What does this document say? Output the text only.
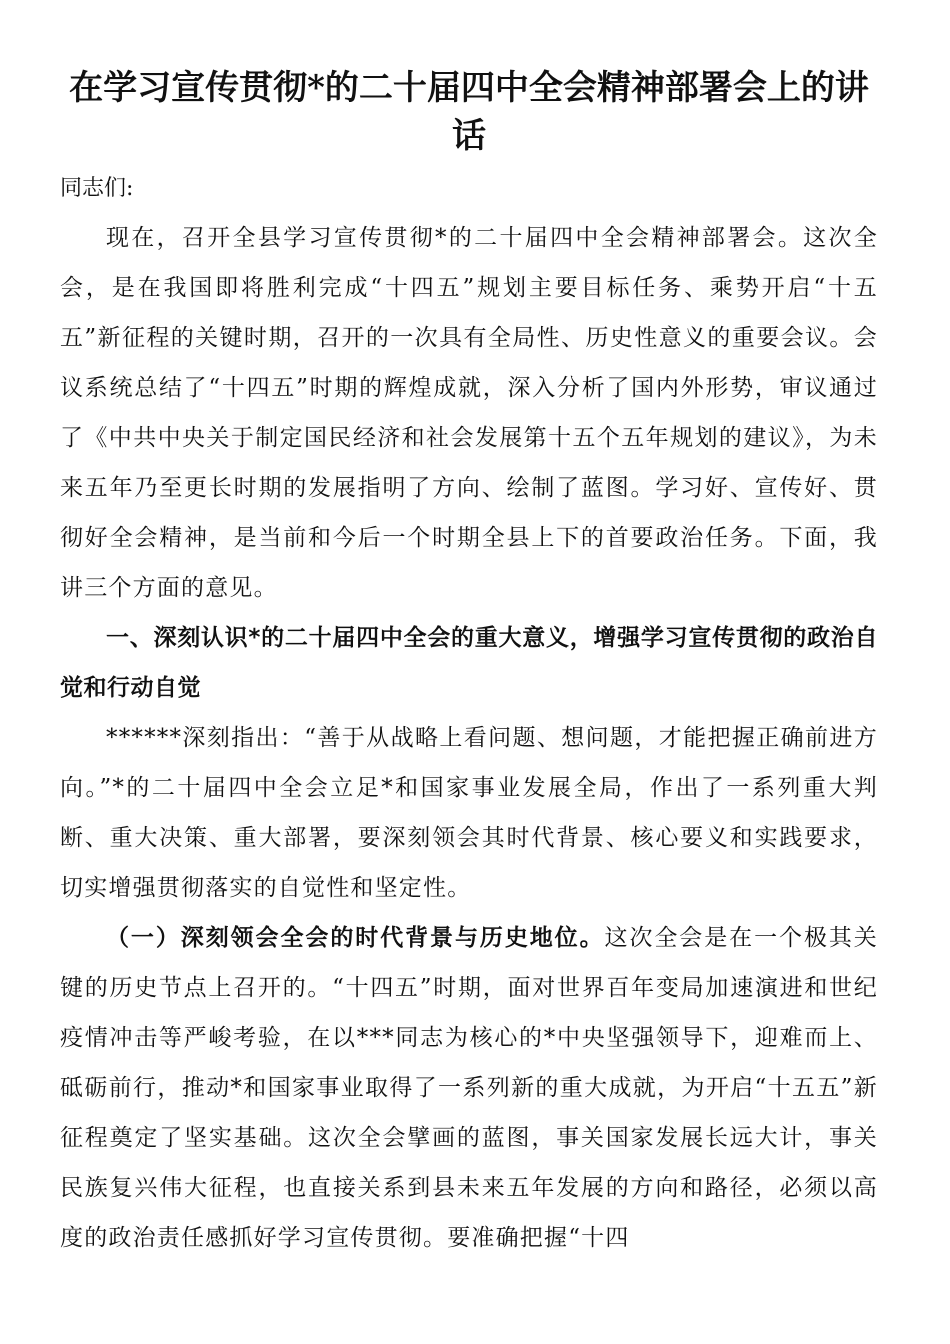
在学习宣传贯彻*的二十届四中全会精神部署会上的讲话

同志们:

现在，召开全县学习宣传贯彻*的二十届四中全会精神部署会。这次全会，是在我国即将胜利完成“十四五”规划主要目标任务、乘势开启“十五五”新征程的关键时期，召开的一次具有全局性、历史性意义的重要会议。会议系统总结了“十四五”时期的辉煌成就，深入分析了国内外形势，审议通过了《中共中央关于制定国民经济和社会发展第十五个五年规划的建议》，为未来五年乃至更长时期的发展指明了方向、绘制了蓝图。学习好、宣传好、贯彻好全会精神，是当前和今后一个时期全县上下的首要政治任务。下面，我讲三个方面的意见。

一、深刻认识*的二十届四中全会的重大意义，增强学习宣传贯彻的政治自觉和行动自觉

******深刻指出：“善于从战略上看问题、想问题，才能把握正确前进方向。”*的二十届四中全会立足*和国家事业发展全局，作出了一系列重大判断、重大决策、重大部署，要深刻领会其时代背景、核心要义和实践要求，切实增强贯彻落实的自觉性和坚定性。

（一）深刻领会全会的时代背景与历史地位。这次全会是在一个极其关键的历史节点上召开的。“十四五”时期，面对世界百年变局加速演进和世纪疫情冲击等严峻考验，在以***同志为核心的*中央坚强领导下，迎难而上、砥砺前行，推动*和国家事业取得了一系列新的重大成就，为开启“十五五”新征程奠定了坚实基础。这次全会擘画的蓝图，事关国家发展长远大计，事关民族复兴伟大征程，也直接关系到县未来五年发展的方向和路径，必须以高度的政治责任感抓好学习宣传贯彻。要准确把握“十四
